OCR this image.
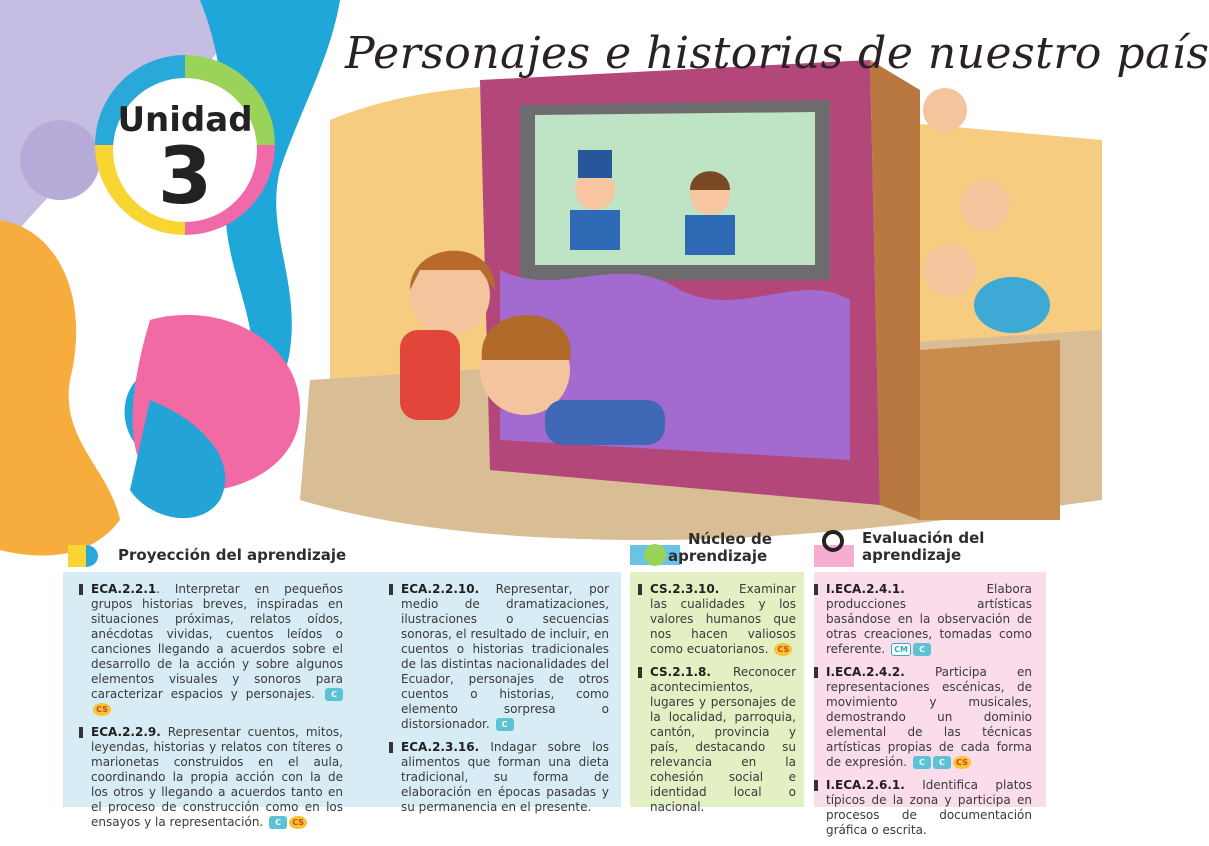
Personajes e historias de nuestro país
Unidad
3
Proyección del aprendizaje
Núcleo de
aprendizaje
Evaluación del
aprendizaje
ECA.2.2.1. Interpretar en pequeños grupos historias breves, inspiradas en situaciones próximas, relatos oídos, anécdotas vividas, cuentos leídos o canciones llegando a acuerdos sobre el desarrollo de la acción y sobre algunos elementos visuales y sonoros para caracterizar espacios y personajes. CCS
ECA.2.2.9. Representar cuentos, mitos, leyendas, historias y relatos con títeres o marionetas construidos en el aula, coordinando la propia acción con la de los otros y llegando a acuerdos tanto en el proceso de construcción como en los ensayos y la representación. C CS
ECA.2.2.10. Representar, por medio de dramatizaciones, ilustraciones o secuencias sonoras, el resultado de incluir, en cuentos o historias tradicionales de las distintas nacionalidades del Ecuador, personajes de otros cuentos o historias, como elemento sorpresa o distorsionador. C
ECA.2.3.16. Indagar sobre los alimentos que forman una dieta tradicional, su forma de elaboración en épocas pasadas y su permanencia en el presente.
CS.2.3.10. Examinar las cualidades y los valores humanos que nos hacen valiosos como ecuatorianos. CS
CS.2.1.8. Reconocer acontecimientos, lugares y personajes de la localidad, parroquia, cantón, provincia y país, destacando su relevancia en la cohesión social e identidad local o nacional.
I.ECA.2.4.1. Elabora producciones artísticas basándose en la observación de otras creaciones, tomadas como referente. CM C
I.ECA.2.4.2. Participa en representaciones escénicas, de movimiento y musicales, demostrando un dominio elemental de las técnicas artísticas propias de cada forma de expresión. C C CS
I.ECA.2.6.1. Identifica platos típicos de la zona y participa en procesos de documentación gráfica o escrita.
